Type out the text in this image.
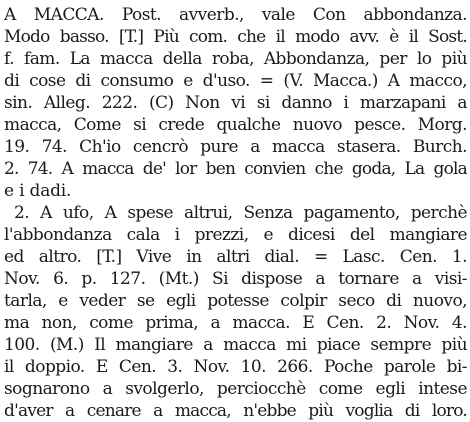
A MACCA. Post. avverb., vale Con abbondanza.
Modo basso. [T.] Più com. che il modo avv. è il Sost.
f. fam. La macca della roba, Abbondanza, per lo più
di cose di consumo e d'uso. = (V. Macca.) A macco,
sin. Alleg. 222. (C) Non vi si danno i marzapani a
macca, Come si crede qualche nuovo pesce. Morg.
19. 74. Ch'io cencrò pure a macca stasera. Burch.
2. 74. A macca de' lor ben convien che goda, La gola
e i dadi.
2. A ufo, A spese altrui, Senza pagamento, perchè
l'abbondanza cala i prezzi, e dicesi del mangiare
ed altro. [T.] Vive in altri dial. = Lasc. Cen. 1.
Nov. 6. p. 127. (Mt.) Si dispose a tornare a visi-
tarla, e veder se egli potesse colpir seco di nuovo,
ma non, come prima, a macca. E Cen. 2. Nov. 4.
100. (M.) Il mangiare a macca mi piace sempre più
il doppio. E Cen. 3. Nov. 10. 266. Poche parole bi-
sognarono a svolgerlo, perciocchè come egli intese
d'aver a cenare a macca, n'ebbe più voglia di loro.
